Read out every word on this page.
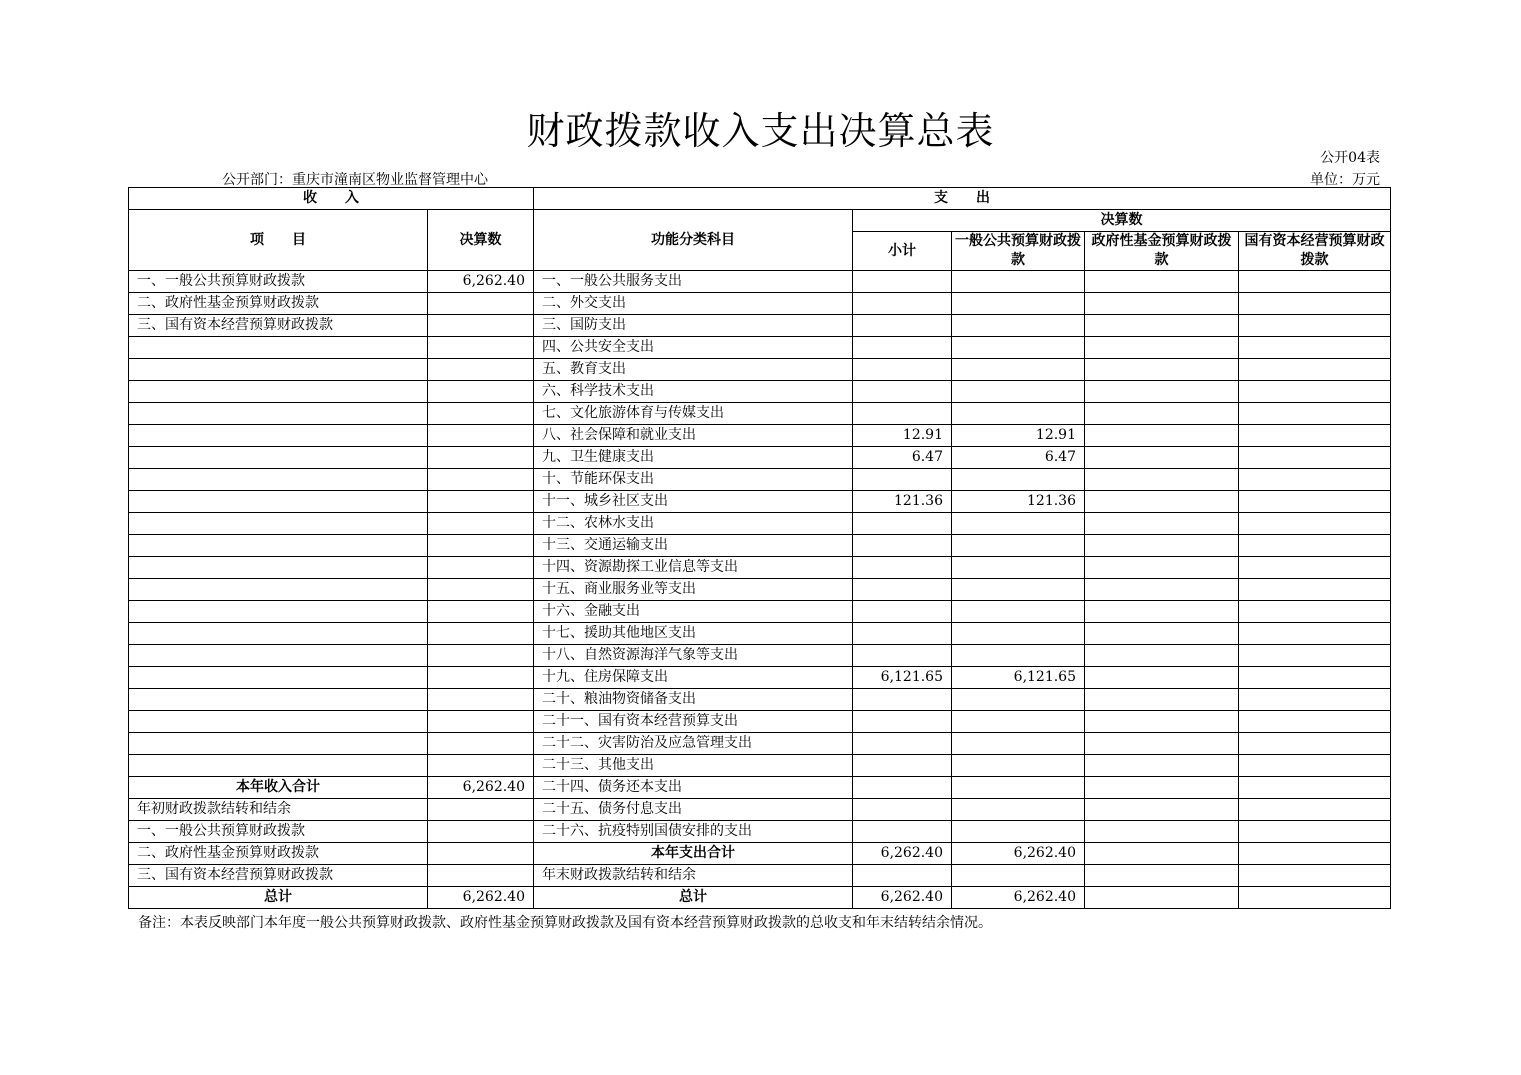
财政拨款收入支出决算总表
公开04表
公开部门：重庆市潼南区物业监督管理中心	单位：万元
收　　入		支　　出				
项　　目	决算数	功能分类科目	决算数			
			小计	一般公共预算财政拨款	政府性基金预算财政拨款	国有资本经营预算财政拨款
一、一般公共预算财政拨款	6,262.40	一、一般公共服务支出				
二、政府性基金预算财政拨款		二、外交支出				
三、国有资本经营预算财政拨款		三、国防支出				
		四、公共安全支出				
		五、教育支出				
		六、科学技术支出				
		七、文化旅游体育与传媒支出				
		八、社会保障和就业支出	12.91	12.91		
		九、卫生健康支出	6.47	6.47		
		十、节能环保支出				
		十一、城乡社区支出	121.36	121.36		
		十二、农林水支出				
		十三、交通运输支出				
		十四、资源勘探工业信息等支出				
		十五、商业服务业等支出				
		十六、金融支出				
		十七、援助其他地区支出				
		十八、自然资源海洋气象等支出				
		十九、住房保障支出	6,121.65	6,121.65		
		二十、粮油物资储备支出				
		二十一、国有资本经营预算支出				
		二十二、灾害防治及应急管理支出				
		二十三、其他支出				
本年收入合计	6,262.40	二十四、债务还本支出				
年初财政拨款结转和结余		二十五、债务付息支出				
一、一般公共预算财政拨款		二十六、抗疫特别国债安排的支出				
二、政府性基金预算财政拨款		本年支出合计	6,262.40	6,262.40		
三、国有资本经营预算财政拨款		年末财政拨款结转和结余				
总计	6,262.40	总计	6,262.40	6,262.40		
备注：本表反映部门本年度一般公共预算财政拨款、政府性基金预算财政拨款及国有资本经营预算财政拨款的总收支和年末结转结余情况。
